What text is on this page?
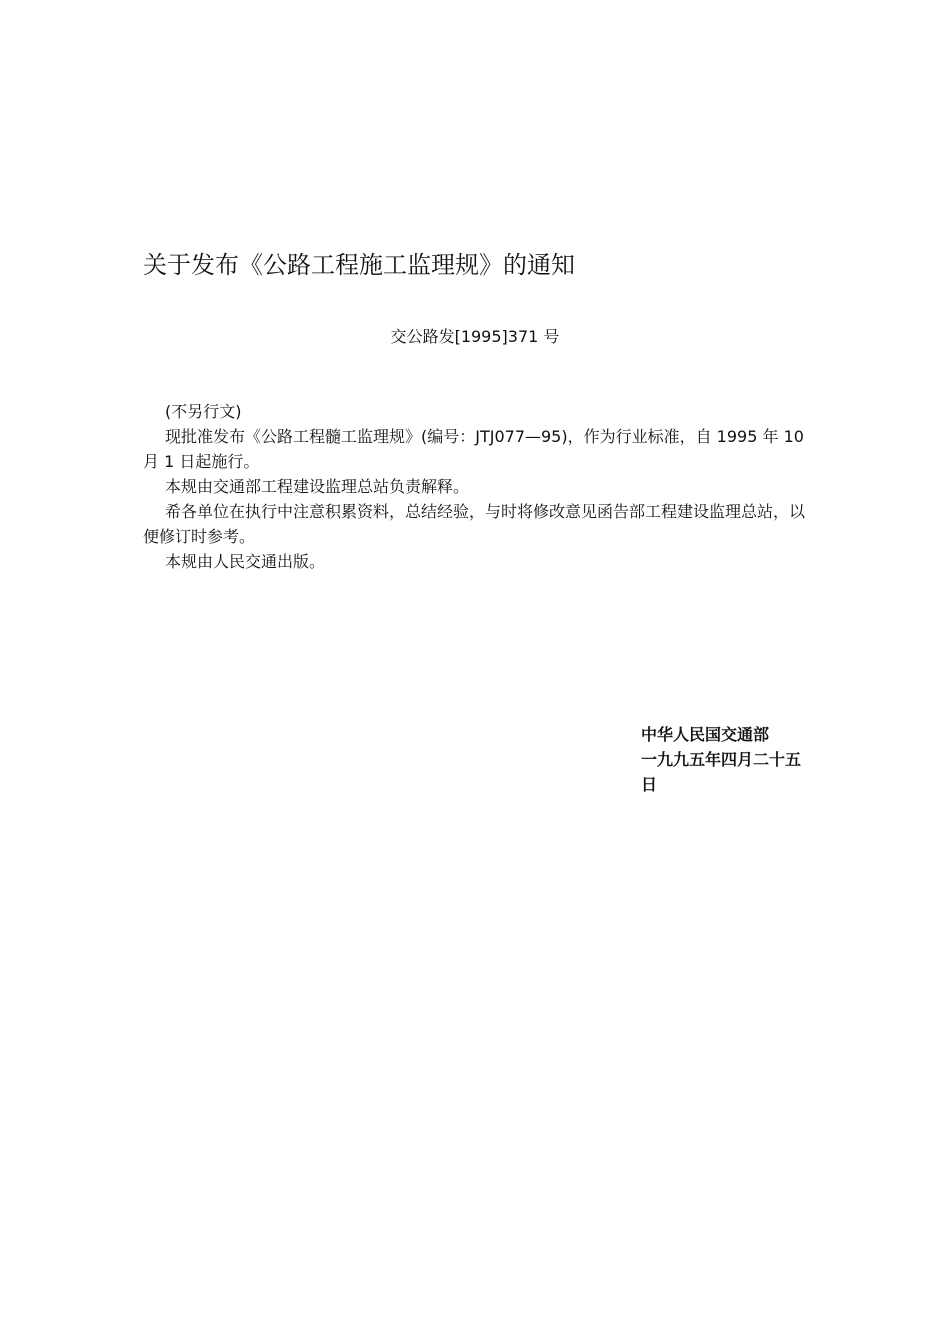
关于发布《公路工程施工监理规》的通知
交公路发[1995]371 号

(不另行文)

现批准发布《公路工程髓工监理规》(编号：JTJ077—95)，作为行业标准，自 1995 年 10 月 1 日起施行。

本规由交通部工程建设监理总站负责解释。

希各单位在执行中注意积累资料，总结经验，与时将修改意见函告部工程建设监理总站，以便修订时参考。

本规由人民交通出版。

中华人民国交通部

一九九五年四月二十五日
